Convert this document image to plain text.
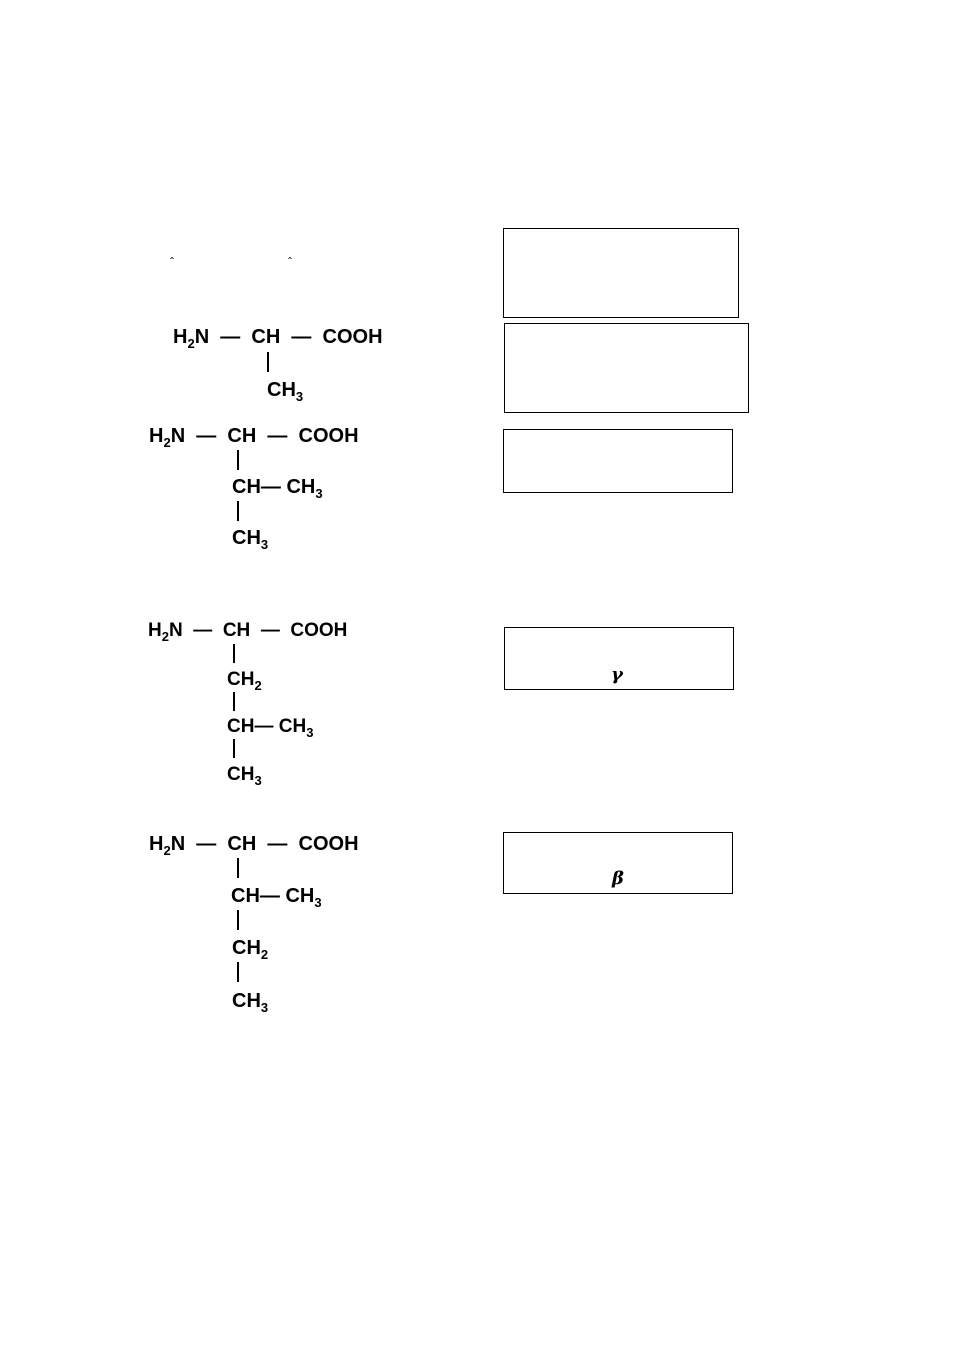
ˆ	ˆ
$H_2N$ — CH — COOH
$CH_3$
$H_2N$ — CH — COOH
CH— $CH_3$
$CH_3$
$H_2N$ — CH — COOH
$CH_2$
CH— $CH_3$
$CH_3$
$H_2N$ — CH — COOH
CH— $CH_3$
$CH_2$
$CH_3$
γ
β
